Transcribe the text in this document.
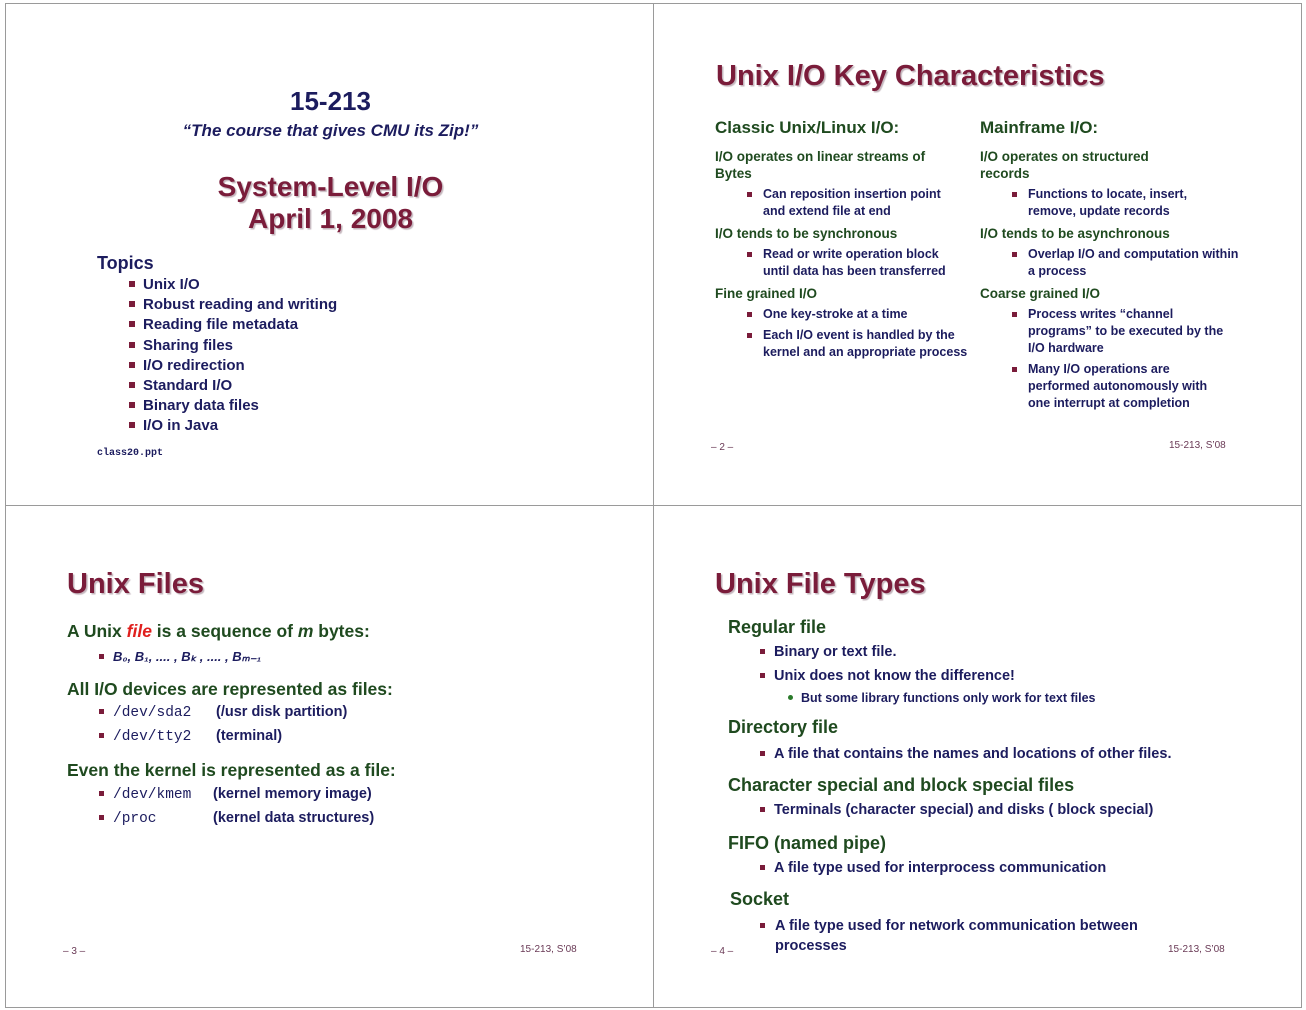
15-213
“The course that gives CMU its Zip!”
System-Level I/O
April 1, 2008
Topics
Unix I/O
Robust reading and writing
Reading file metadata
Sharing files
I/O redirection
Standard I/O
Binary data files
I/O in Java
class20.ppt
Unix I/O Key Characteristics
Classic Unix/Linux I/O:
I/O operates on linear streams of Bytes
Can reposition insertion point and extend file at end
I/O tends to be synchronous
Read or write operation block until data has been transferred
Fine grained I/O
One key-stroke at a time
Each I/O event is handled by the kernel and an appropriate process
Mainframe I/O:
I/O operates on structured records
Functions to locate, insert, remove, update records
I/O tends to be asynchronous
Overlap I/O and computation within a process
Coarse grained I/O
Process writes “channel programs” to be executed by the I/O hardware
Many I/O operations are performed autonomously with one interrupt at completion
– 2 –	15-213, S’08
Unix Files
A Unix file is a sequence of m bytes:
B₀, B₁, .... , Bₖ , .... , Bₘ₋₁
All I/O devices are represented as files:
/dev/sda2 (/usr disk partition)
/dev/tty2 (terminal)
Even the kernel is represented as a file:
/dev/kmem (kernel memory image)
/proc	(kernel data structures)
– 3 –	15-213, S’08
Unix File Types
Regular file
Binary or text file.
Unix does not know the difference!
But some library functions only work for text files
Directory file
A file that contains the names and locations of other files.
Character special and block special files
Terminals (character special) and disks ( block special)
FIFO (named pipe)
A file type used for interprocess communication
Socket
A file type used for network communication between processes
– 4 –	15-213, S’08
